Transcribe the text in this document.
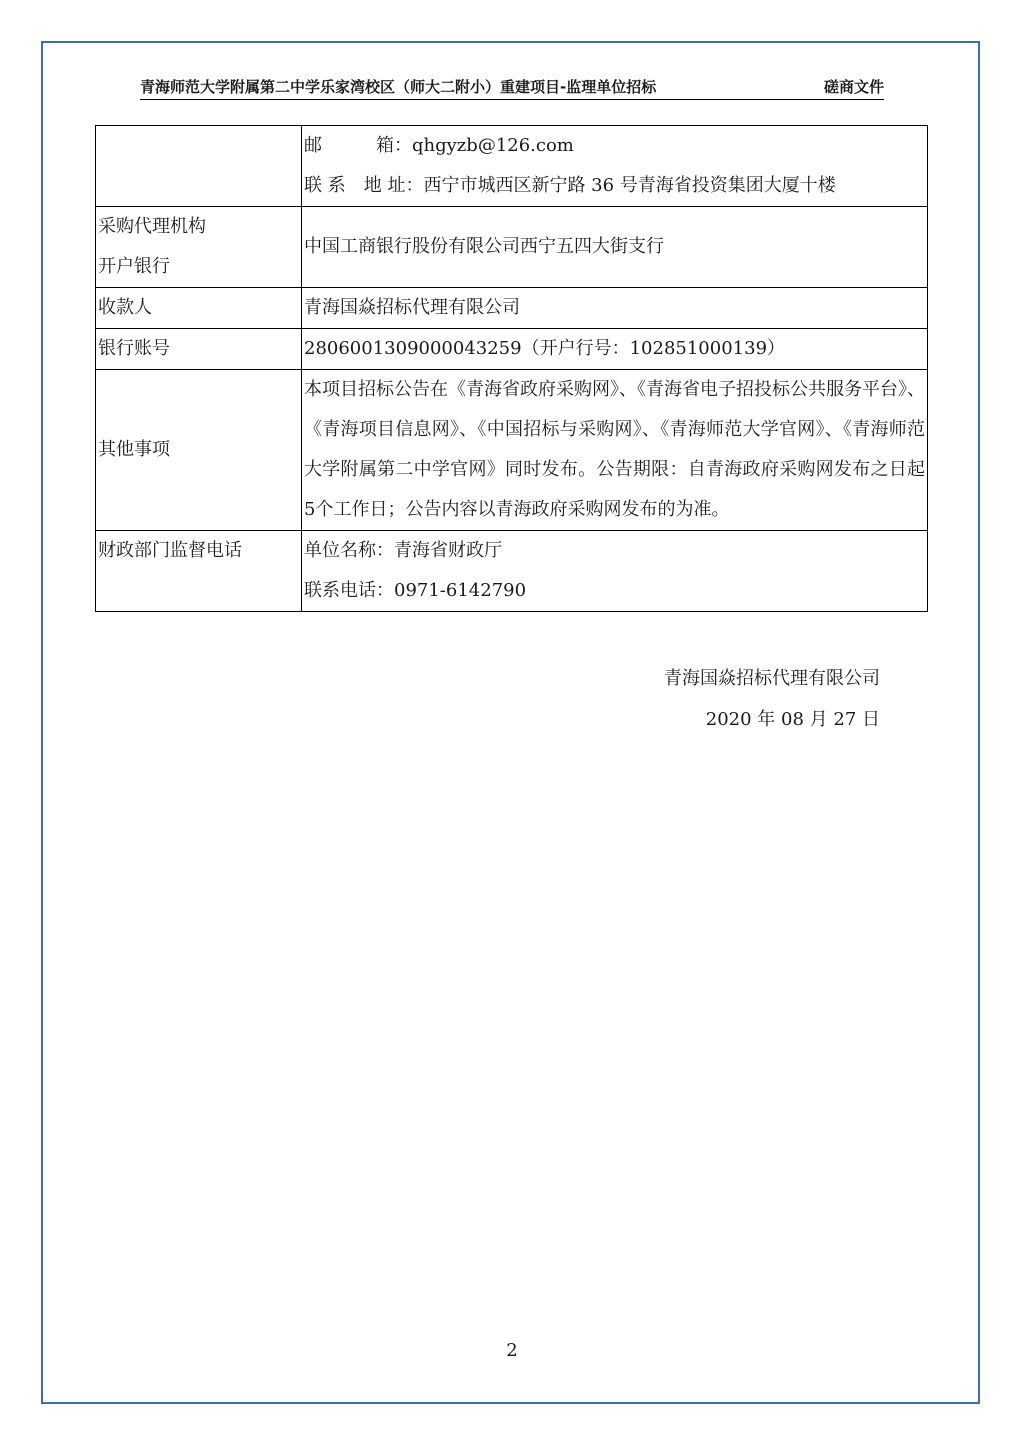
青海师范大学附属第二中学乐家湾校区（师大二附小）重建项目-监理单位招标	磋商文件

	邮　　　箱：qhgyzb@126.com
联 系　地 址：西宁市城西区新宁路 36 号青海省投资集团大厦十楼

采购代理机构
开户银行	中国工商银行股份有限公司西宁五四大街支行
收款人	青海国焱招标代理有限公司
银行账号	2806001309000043259（开户行号：102851000139）
其他事项	本项目招标公告在《青海省政府采购网》、《青海省电子招投标公共服务平台》、《青海项目信息网》、《中国招标与采购网》、《青海师范大学官网》、《青海师范大学附属第二中学官网》同时发布。公告期限：自青海政府采购网发布之日起5个工作日；公告内容以青海政府采购网发布的为准。

财政部门监督电话	单位名称：青海省财政厅
联系电话：0971-6142790
青海国焱招标代理有限公司
2020 年 08 月 27 日
2
